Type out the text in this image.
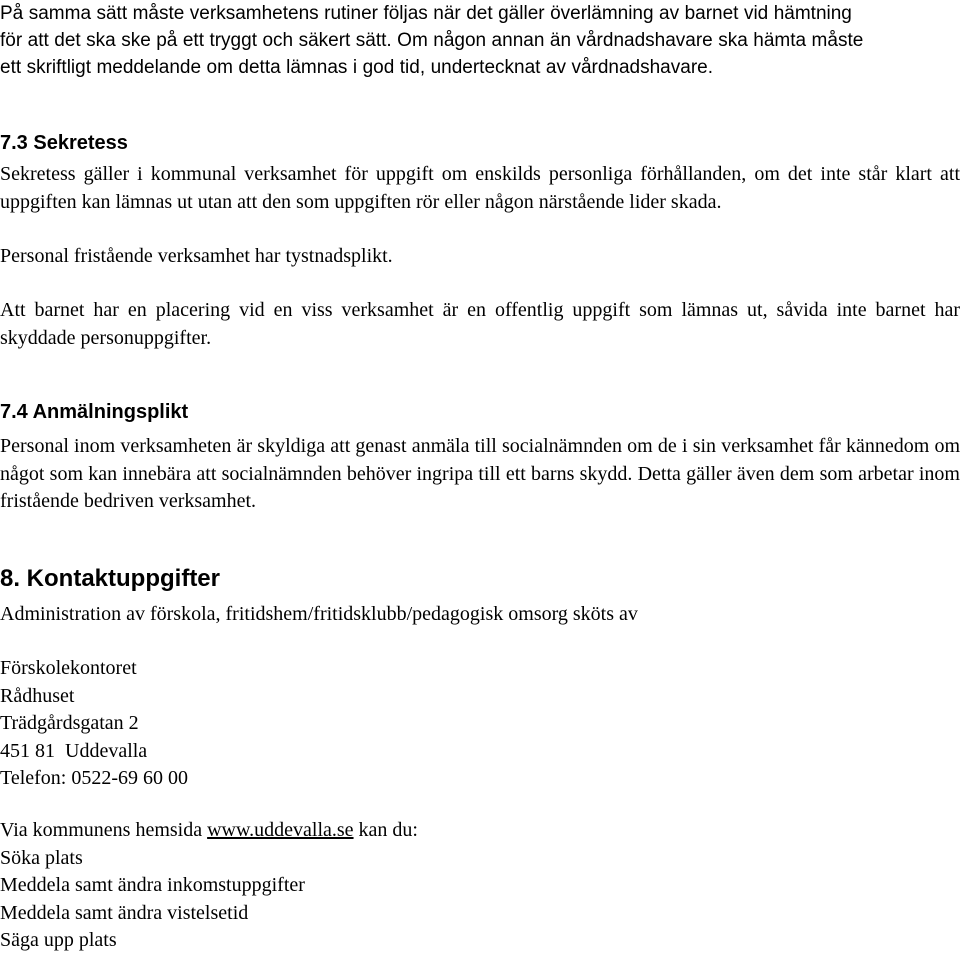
På samma sätt måste verksamhetens rutiner följas när det gäller överlämning av barnet vid hämtning
för att det ska ske på ett tryggt och säkert sätt. Om någon annan än vårdnadshavare ska hämta måste
ett skriftligt meddelande om detta lämnas i god tid, undertecknat av vårdnadshavare.

7.3 Sekretess

Sekretess gäller i kommunal verksamhet för uppgift om enskilds personliga förhållanden, om det inte står klart att uppgiften kan lämnas ut utan att den som uppgiften rör eller någon närstående lider skada.

Personal fristående verksamhet har tystnadsplikt.

Att barnet har en placering vid en viss verksamhet är en offentlig uppgift som lämnas ut, såvida inte barnet har skyddade personuppgifter.

7.4 Anmälningsplikt

Personal inom verksamheten är skyldiga att genast anmäla till socialnämnden om de i sin verksamhet får kännedom om något som kan innebära att socialnämnden behöver ingripa till ett barns skydd. Detta gäller även dem som arbetar inom fristående bedriven verksamhet.

8. Kontaktuppgifter

Administration av förskola, fritidshem/fritidsklubb/pedagogisk omsorg sköts av

Förskolekontoret
Rådhuset
Trädgårdsgatan 2
451 81  Uddevalla
Telefon: 0522-69 60 00

Via kommunens hemsida www.uddevalla.se kan du:
Söka plats
Meddela samt ändra inkomstuppgifter
Meddela samt ändra vistelsetid
Säga upp plats
